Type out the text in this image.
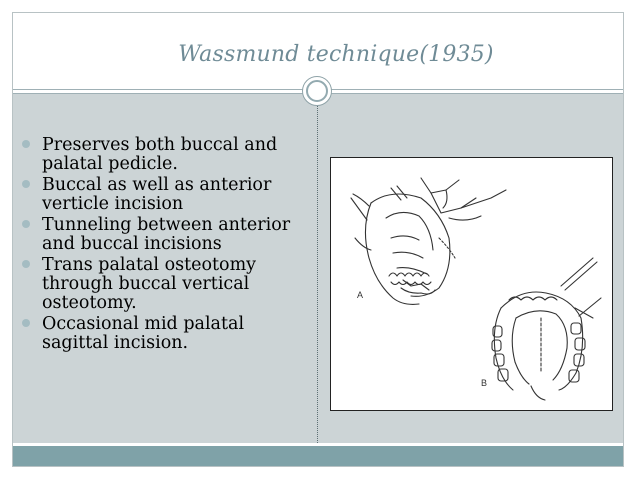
Wassmund technique(1935)
Preserves both buccal and palatal pedicle.
Buccal as well as anterior verticle incision
Tunneling between anterior and buccal incisions
Trans palatal osteotomy through buccal vertical osteotomy.
Occasional mid palatal sagittal incision.
A
B
